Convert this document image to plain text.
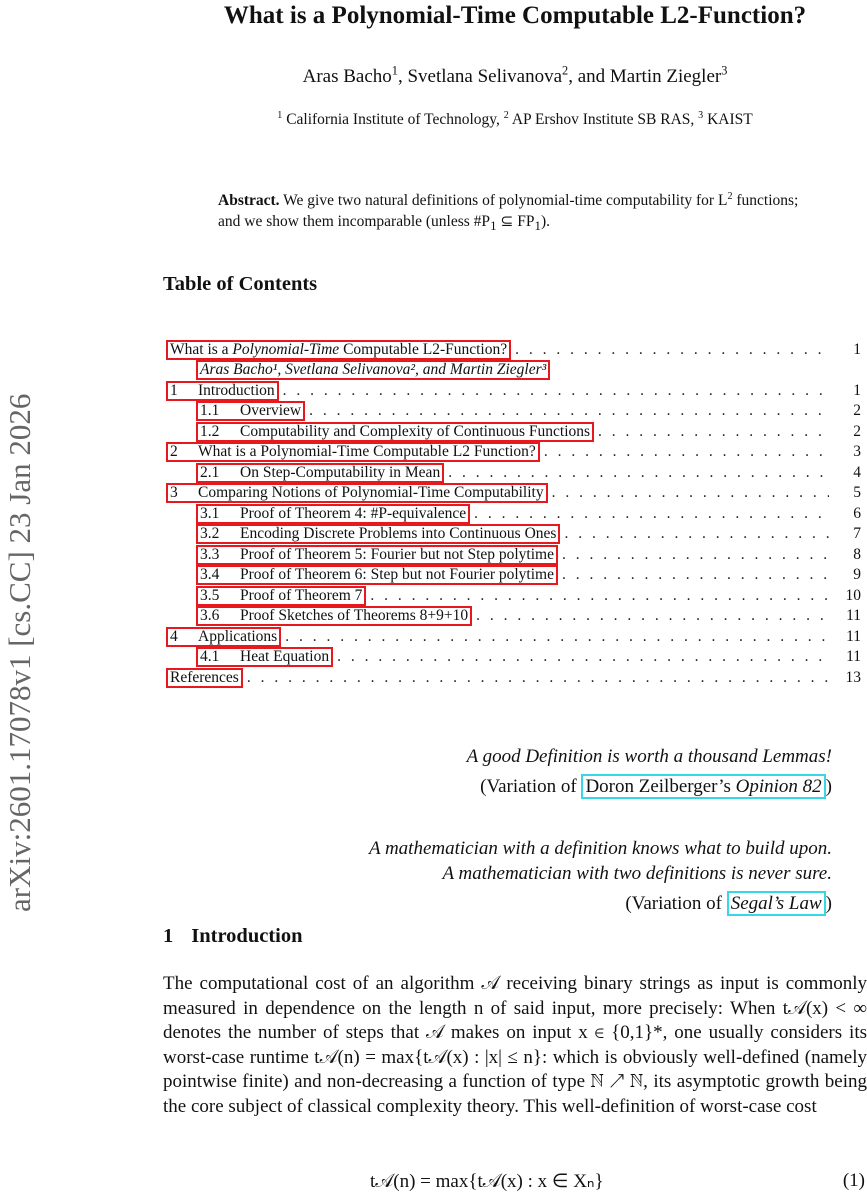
arXiv:2601.17078v1 [cs.CC] 23 Jan 2026
What is a Polynomial-Time Computable L2-Function?
Aras Bacho$^1$, Svetlana Selivanova$^2$, and Martin Ziegler$^3$
$^1$ California Institute of Technology, $^2$ AP Ershov Institute SB RAS, $^3$ KAIST
Abstract. We give two natural definitions of polynomial-time computability for $L^2$ functions; and we show them incomparable (unless $\#P_1$ ⊆ $FP_1$).
Table of Contents
What is a Polynomial-Time Computable L2-Function? . . .	1
Aras Bacho¹, Svetlana Selivanova², and Martin Ziegler³
1 Introduction . . .	1
1.1 Overview . . .	2
1.2 Computability and Complexity of Continuous Functions . . .	2
2 What is a Polynomial-Time Computable L2 Function? . . .	3
2.1 On Step-Computability in Mean . . .	4
3 Comparing Notions of Polynomial-Time Computability . . .	5
3.1 Proof of Theorem 4: #P-equivalence . . .	6
3.2 Encoding Discrete Problems into Continuous Ones . . .	7
3.3 Proof of Theorem 5: Fourier but not Step polytime . . .	8
3.4 Proof of Theorem 6: Step but not Fourier polytime . . .	9
3.5 Proof of Theorem 7 . . .	10
3.6 Proof Sketches of Theorems 8+9+10 . . .	11
4 Applications . . .	11
4.1 Heat Equation . . .	11
References . . .	13
A good Definition is worth a thousand Lemmas!
(Variation of Doron Zeilberger’s Opinion 82 )
A mathematician with a definition knows what to build upon.
A mathematician with two definitions is never sure.
(Variation of Segal’s Law )
1 Introduction

The computational cost of an algorithm 𝒜 receiving binary strings as input is commonly measured in dependence on the length n of said input, more precisely: When t𝒜(x) < ∞ denotes the number of steps that 𝒜 makes on input x ∈ {0,1}*, one usually considers its worst-case runtime t𝒜(n) = max{t𝒜(x) : |x| ≤ n}: which is obviously well-defined (namely pointwise finite) and non-decreasing a function of type ℕ ↗ ℕ, its asymptotic growth being the core subject of classical complexity theory. This well-definition of worst-case cost

t𝒜(n) = max{t𝒜(x) : x ∈ Xₙ}	(1)
